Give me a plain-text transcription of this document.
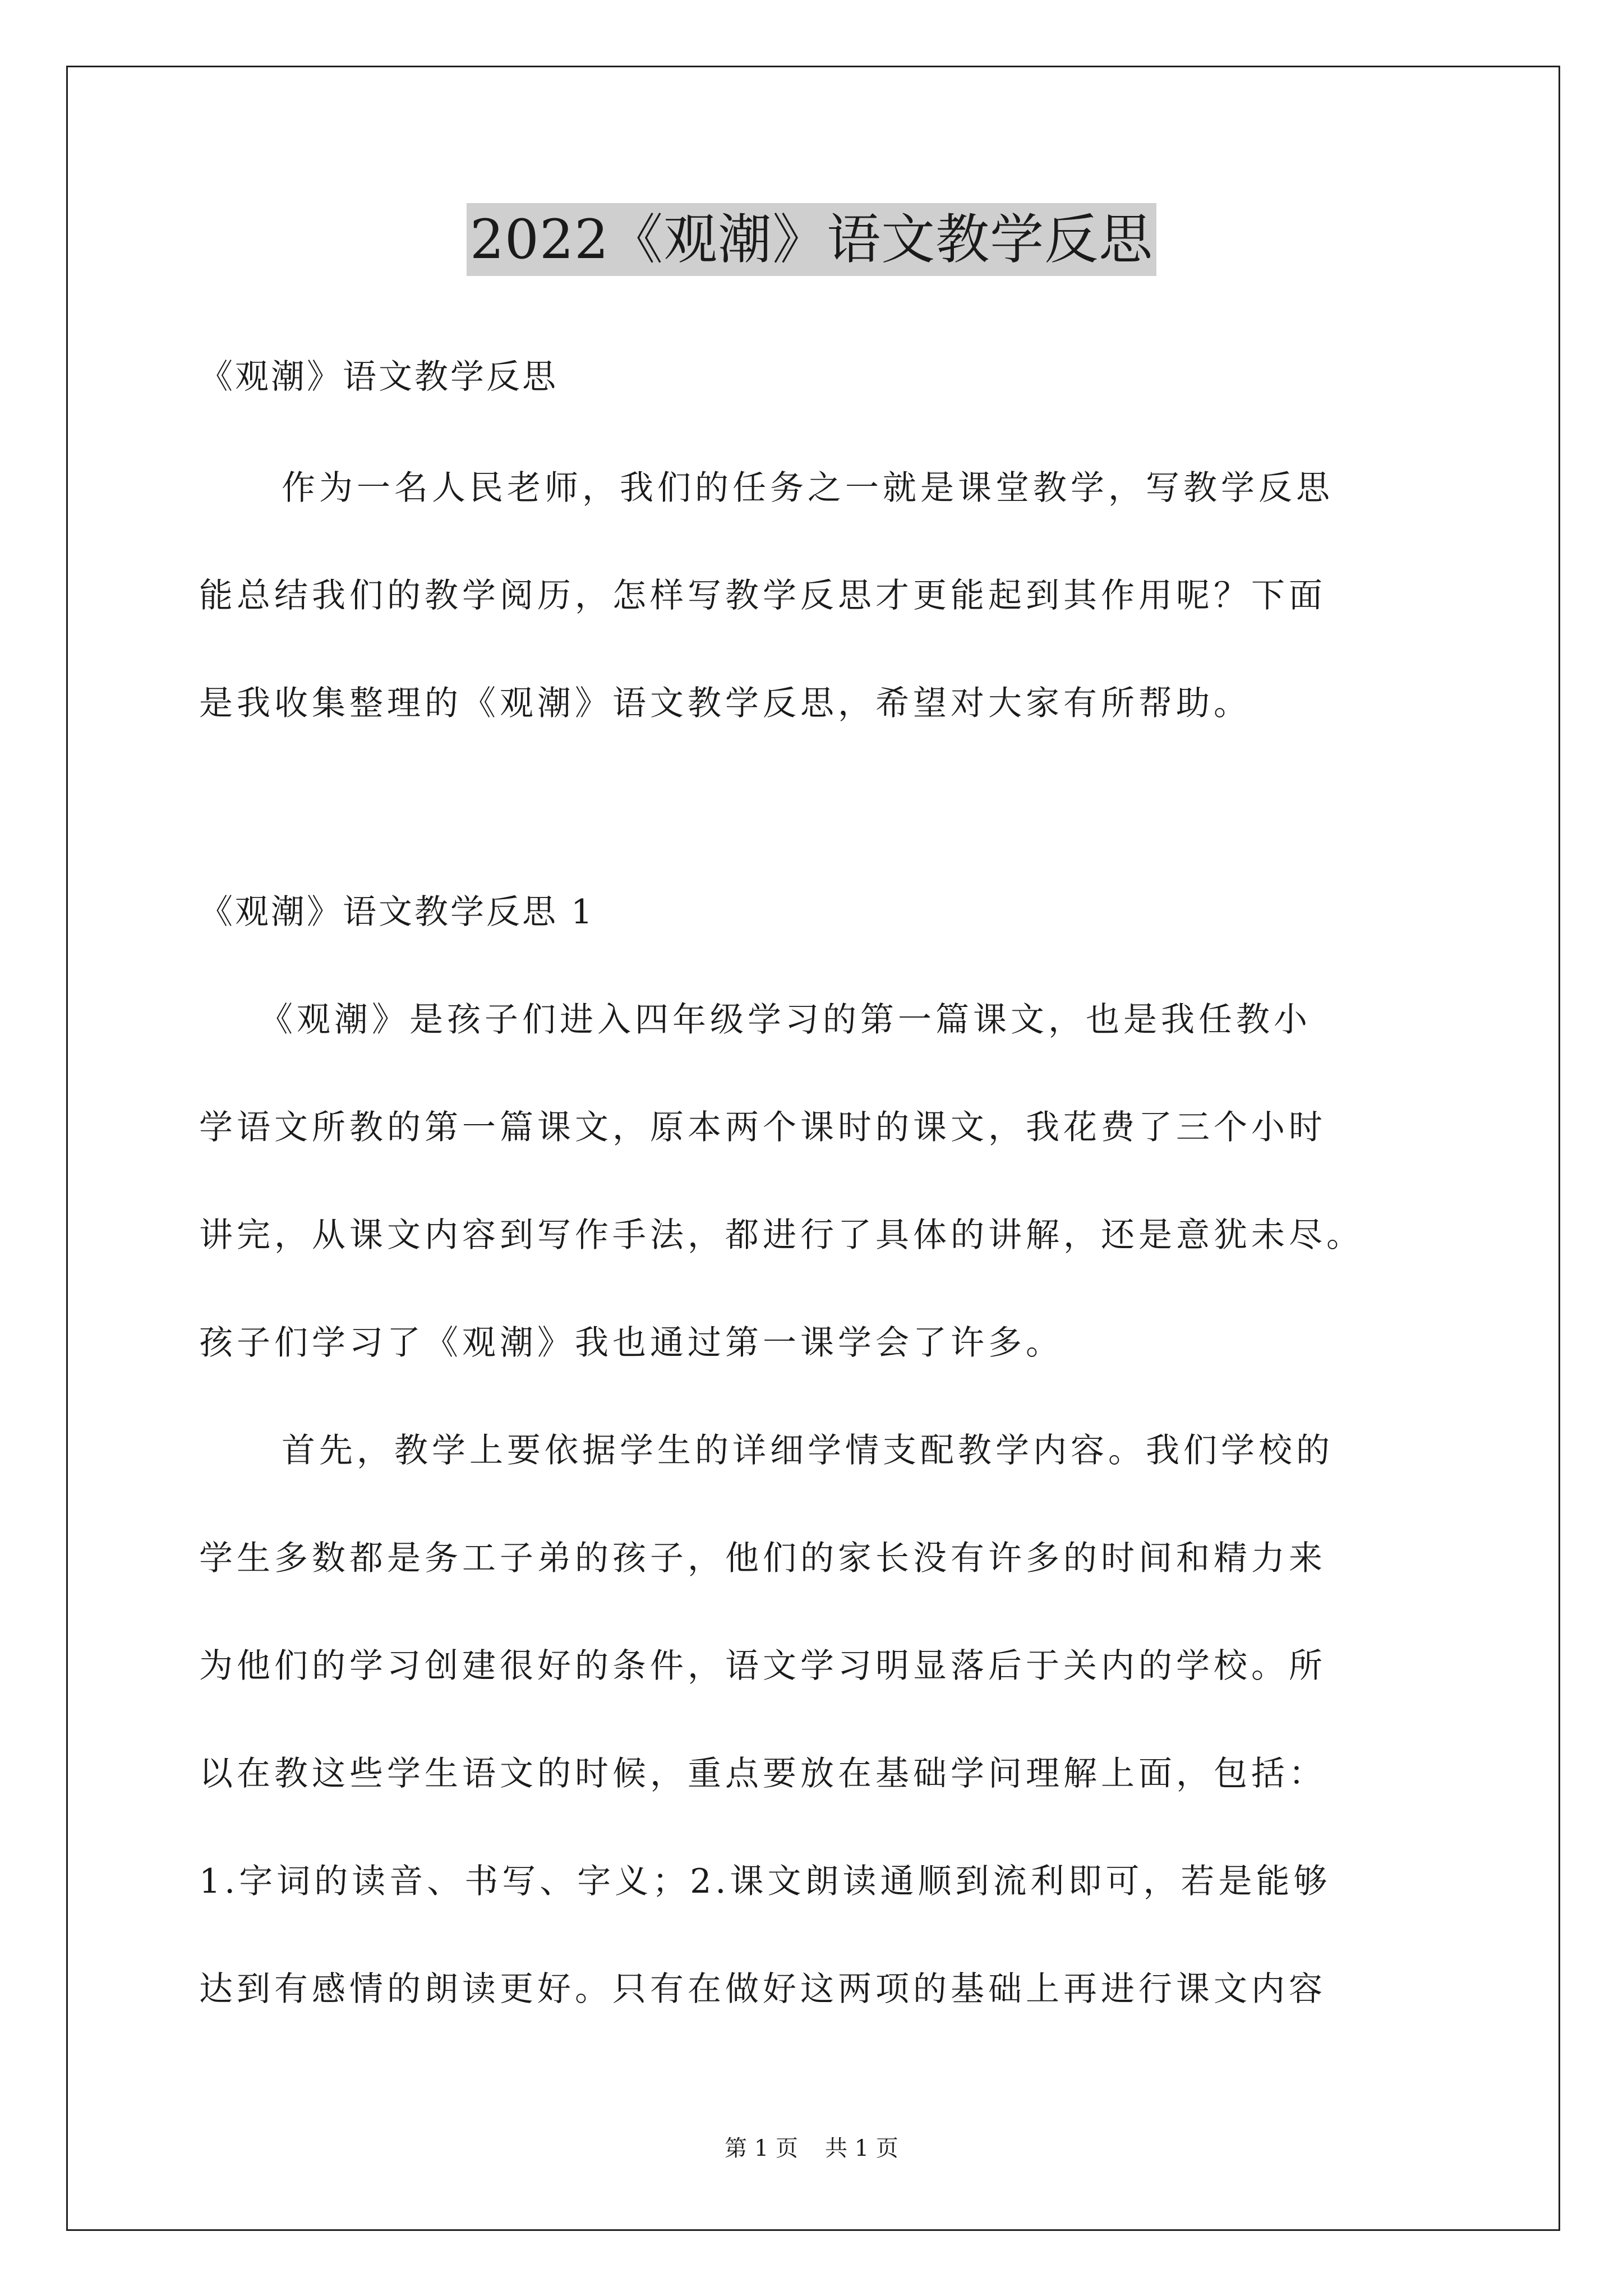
2022《观潮》语文教学反思
《观潮》语文教学反思
作为一名人民老师，我们的任务之一就是课堂教学，写教学反思
能总结我们的教学阅历，怎样写教学反思才更能起到其作用呢？下面
是我收集整理的《观潮》语文教学反思，希望对大家有所帮助。
《观潮》语文教学反思 1
《观潮》是孩子们进入四年级学习的第一篇课文，也是我任教小
学语文所教的第一篇课文，原本两个课时的课文，我花费了三个小时
讲完，从课文内容到写作手法，都进行了具体的讲解，还是意犹未尽。
孩子们学习了《观潮》我也通过第一课学会了许多。
首先，教学上要依据学生的详细学情支配教学内容。我们学校的
学生多数都是务工子弟的孩子，他们的家长没有许多的时间和精力来
为他们的学习创建很好的条件，语文学习明显落后于关内的学校。所
以在教这些学生语文的时候，重点要放在基础学问理解上面，包括：
1.字词的读音、书写、字义；2.课文朗读通顺到流利即可，若是能够
达到有感情的朗读更好。只有在做好这两项的基础上再进行课文内容
第 1 页 共 1 页
